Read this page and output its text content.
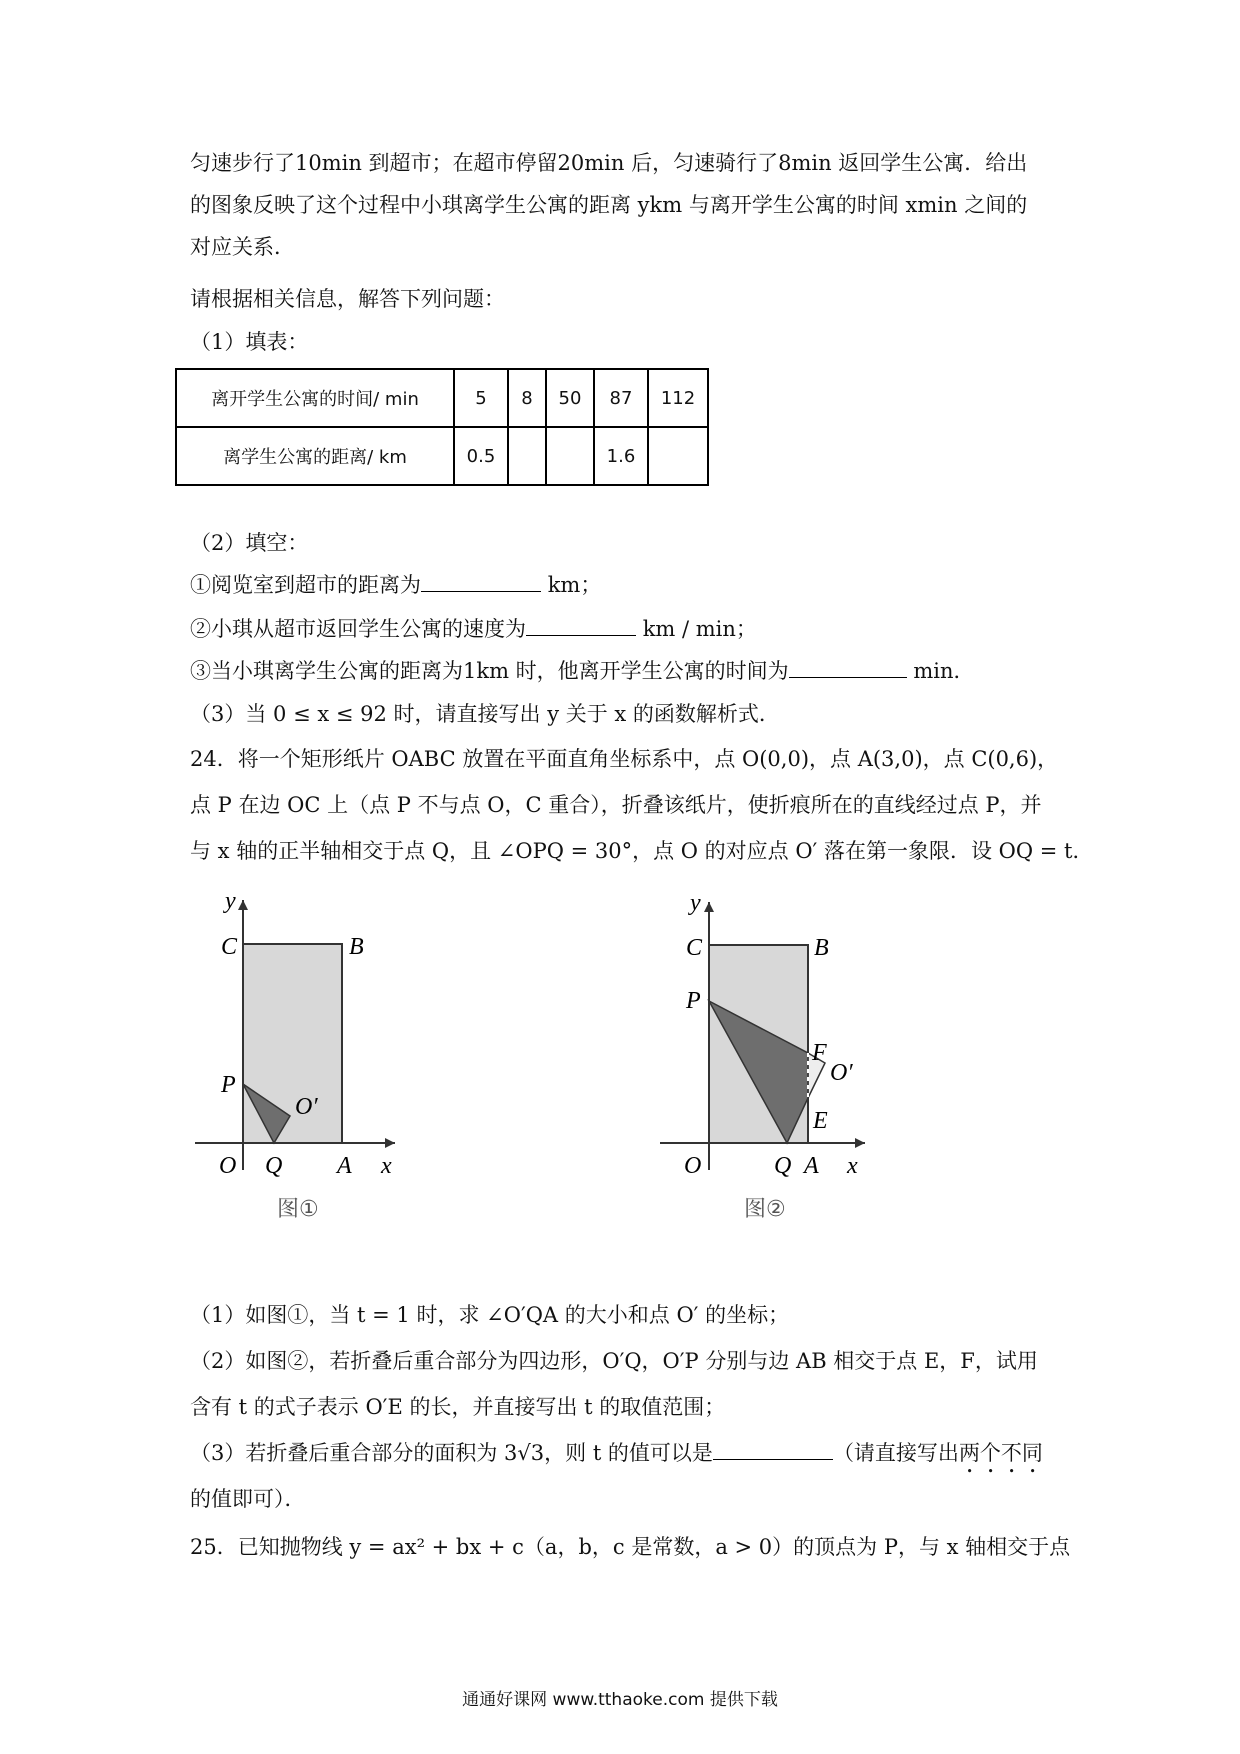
匀速步行了10min 到超市；在超市停留20min 后，匀速骑行了8min 返回学生公寓．给出
的图象反映了这个过程中小琪离学生公寓的距离 ykm 与离开学生公寓的时间 xmin 之间的
对应关系．
请根据相关信息，解答下列问题：
（1）填表：
离开学生公寓的时间/ min	5	8	50	87	112
离学生公寓的距离/ km	0.5			1.6	
（2）填空：
①阅览室到超市的距离为	km；
②小琪从超市返回学生公寓的速度为	km / min；
③当小琪离学生公寓的距离为1km 时，他离开学生公寓的时间为	min．
（3）当 0 ≤ x ≤ 92 时，请直接写出 y 关于 x 的函数解析式．
24．将一个矩形纸片 OABC 放置在平面直角坐标系中，点 O(0,0)，点 A(3,0)，点 C(0,6)，
点 P 在边 OC 上（点 P 不与点 O，C 重合），折叠该纸片，使折痕所在的直线经过点 P，并
与 x 轴的正半轴相交于点 Q，且 ∠OPQ = 30°，点 O 的对应点 O′ 落在第一象限．设 OQ = t．
y
C	B
P
O′
O Q A x
图①
y
C	B
P
F
O′
E
O	Q A x
图②
（1）如图①，当 t = 1 时，求 ∠O′QA 的大小和点 O′ 的坐标；
（2）如图②，若折叠后重合部分为四边形，O′Q，O′P 分别与边 AB 相交于点 E，F，试用
含有 t 的式子表示 O′E 的长，并直接写出 t 的取值范围；
（3）若折叠后重合部分的面积为 3√3，则 t 的值可以是	（请直接写出两个不同
的值即可）．
25．已知抛物线 y = ax² + bx + c（a，b，c 是常数，a > 0）的顶点为 P，与 x 轴相交于点
通通好课网 www.tthaoke.com 提供下载
